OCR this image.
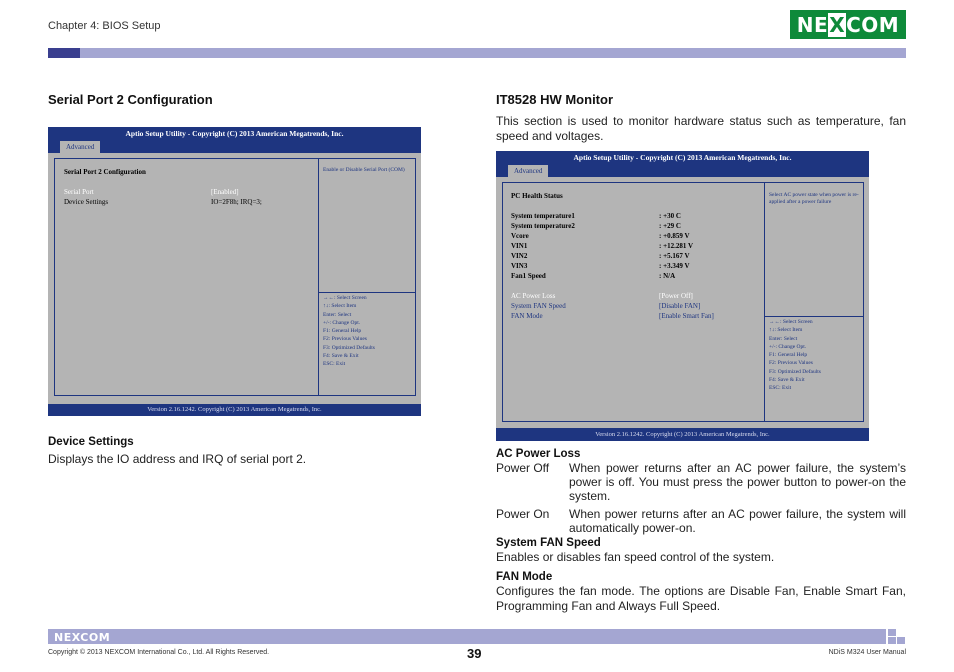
Chapter 4: BIOS Setup	NEXCOM
Serial Port 2 Configuration
Aptio Setup Utility - Copyright (C) 2013 American Megatrends, Inc.
Advanced
Serial Port 2 Configuration
Serial Port	[Enabled]
Device Settings	IO=2F8h; IRQ=3;
Enable or Disable Serial Port (COM)
→←: Select Screen
↑↓: Select Item
Enter: Select
+/-: Change Opt.
F1: General Help
F2: Previous Values
F3: Optimized Defaults
F4: Save & Exit
ESC: Exit
Version 2.16.1242. Copyright (C) 2013 American Megatrends, Inc.
Device Settings
Displays the IO address and IRQ of serial port 2.
IT8528 HW Monitor
This section is used to monitor hardware status such as temperature, fan speed and voltages.
Aptio Setup Utility - Copyright (C) 2013 American Megatrends, Inc.
Advanced
PC Health Status
System temperature1	: +30 C
System temperature2	: +29 C
Vcore	: +0.859 V
VIN1	: +12.281 V
VIN2	: +5.167 V
VIN3	: +3.349 V
Fan1 Speed	: N/A
AC Power Loss	[Power Off]
System FAN Speed	[Disable FAN]
FAN Mode	[Enable Smart Fan]
Select AC power state when power is re-applied after a power failure
→←: Select Screen
↑↓: Select Item
Enter: Select
+/-: Change Opt.
F1: General Help
F2: Previous Values
F3: Optimized Defaults
F4: Save & Exit
ESC: Exit
Version 2.16.1242. Copyright (C) 2013 American Megatrends, Inc.
AC Power Loss
Power Off	When power returns after an AC power failure, the system’s power is off. You must press the power button to power-on the system.
Power On	When power returns after an AC power failure, the system will automatically power-on.
System FAN Speed
Enables or disables fan speed control of the system.
FAN Mode
Configures the fan mode. The options are Disable Fan, Enable Smart Fan, Programming Fan and Always Full Speed.
NEXCOM
Copyright © 2013 NEXCOM International Co., Ltd. All Rights Reserved.	39	NDiS M324 User Manual
